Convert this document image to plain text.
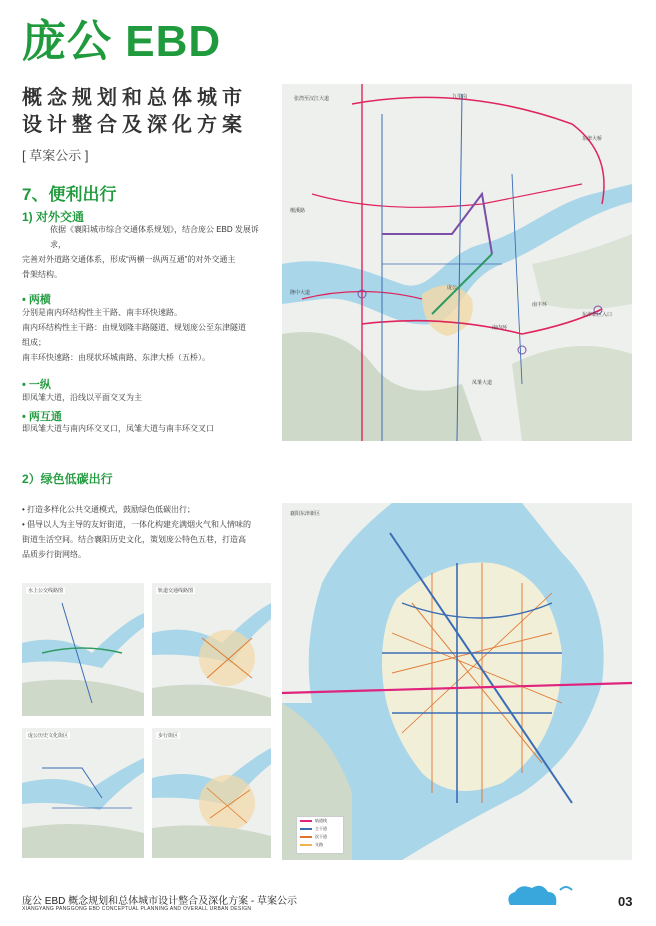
庞公 EBD
概念规划和总体城市
设计整合及深化方案
[ 草案公示 ]
7、便利出行
1) 对外交通
依据《襄阳城市综合交通体系规划》，结合庞公 EBD 发展诉求，
完善对外道路交通体系，形成“两横一纵两互通”的对外交通主
骨架结构。
• 两横
分别是南内环结构性主干路、南丰环快速路。
南内环结构性主干路：由规划隆丰路隧道、规划庞公至东津隧道
组成；
南丰环快速路：由现状环城南路、东津大桥（五桥）。
• 一纵
即凤雏大道，沿线以平面交叉为主
• 两互通
即凤雏大道与南内环交叉口，凤雏大道与南丰环交叉口
2）绿色低碳出行
• 打造多样化公共交通模式，鼓励绿色低碳出行；
• 倡导以人为主导的友好街道，一体化构建充满烟火气和人情味的
街道生活空间。结合襄阳历史文化，策划庞公特色五巷，打造高
品质步行街网络。
张湾至汉江大道	九里岗
东津大桥
庞公
凤雏大道
南内环
南丰环
东津新区入口
檀溪路
隆中大道
水上公交线路图	轨道交通线路图
庞公历史文化街区	步行街区
襄阳东津新区
轨道线
主干道
次干道
支路
庞公 EBD 概念规划和总体城市设计整合及深化方案 - 草案公示
XIANGYANG PANGGONG EBD CONCEPTUAL PLANNING AND OVERALL URBAN DESIGN	03
